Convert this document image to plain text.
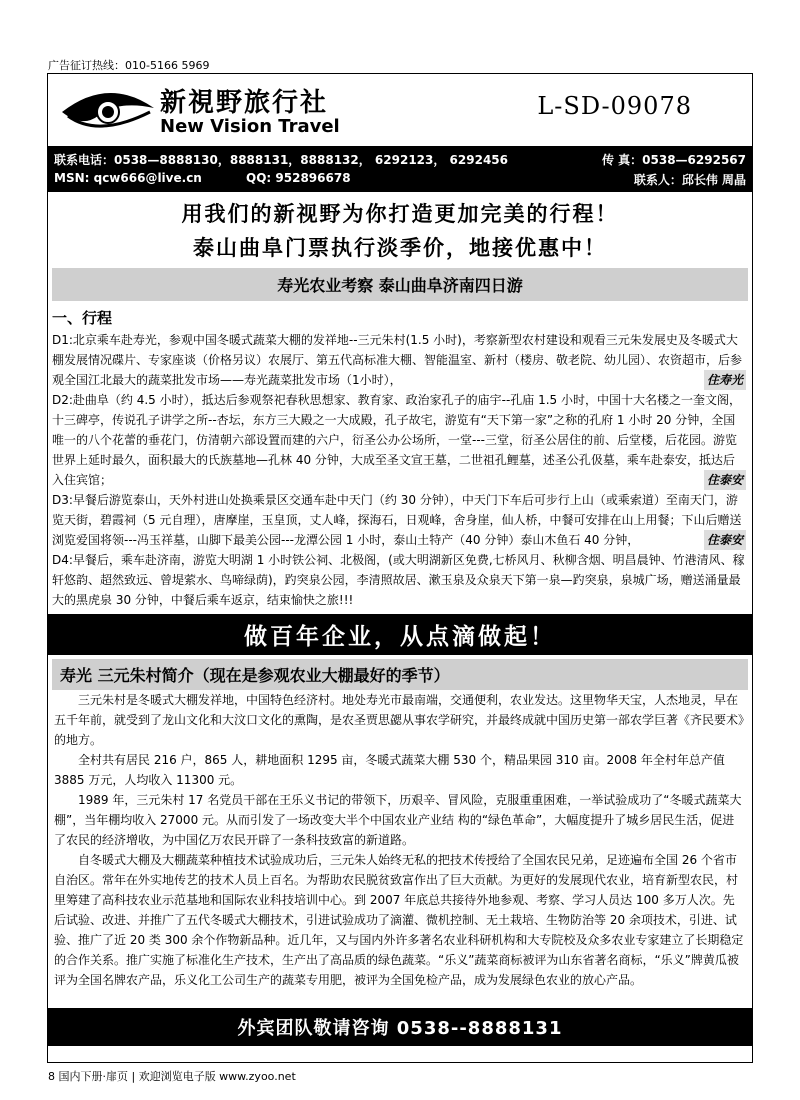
广告征订热线：010-5166 5969
新視野旅行社
New Vision Travel
L-SD-09078
联系电话：0538—8888130，8888131，8888132， 6292123， 6292456	传 真：0538—6292567
MSN: qcw666@live.cn	QQ: 952896678	联系人：邱长伟 周晶
用我们的新视野为你打造更加完美的行程！
泰山曲阜门票执行淡季价，地接优惠中！
寿光农业考察 泰山曲阜济南四日游
一、行程
D1:北京乘车赴寿光，参观中国冬暖式蔬菜大棚的发祥地--三元朱村(1.5 小时)，考察新型农村建设和观看三元朱发展史及冬暖式大棚发展情况碟片、专家座谈（价格另议）农展厅、第五代高标准大棚、智能温室、新村（楼房、敬老院、幼儿园）、农资超市，后参观全国江北最大的蔬菜批发市场——寿光蔬菜批发市场（1小时），	住寿光
D2:赴曲阜（约 4.5 小时），抵达后参观祭祀春秋思想家、教育家、政治家孔子的庙宇--孔庙 1.5 小时，中国十大名楼之一奎文阁，十三碑亭，传说孔子讲学之所--杏坛，东方三大殿之一大成殿，孔子故宅，游览有“天下第一家”之称的孔府 1 小时 20 分钟，全国唯一的八个花蕾的垂花门，仿清朝六部设置而建的六户，衍圣公办公场所，一堂---三堂，衍圣公居住的前、后堂楼，后花园。游览世界上延时最久，面积最大的氏族墓地—孔林 40 分钟，大成至圣文宣王墓，二世祖孔鲤墓，述圣公孔伋墓，乘车赴泰安，抵达后入住宾馆；	住泰安
D3:早餐后游览泰山，天外村进山处换乘景区交通车赴中天门（约 30 分钟），中天门下车后可步行上山（或乘索道）至南天门，游览天街，碧霞祠（5 元自理），唐摩崖，玉皇顶，丈人峰，探海石，日观峰，舍身崖，仙人桥，中餐可安排在山上用餐；下山后赠送浏览爱国将领---冯玉祥墓，山脚下最美公园---龙潭公园 1 小时，泰山土特产（40 分钟）泰山木鱼石 40 分钟，	住泰安
D4:早餐后，乘车赴济南，游览大明湖 1 小时铁公祠、北极阁，(或大明湖新区免费,七桥风月、秋柳含烟、明昌晨钟、竹港清风、稼轩悠韵、超然致远、曾堤萦水、鸟啼绿荫)，趵突泉公园，李清照故居、漱玉泉及众泉天下第一泉—趵突泉，泉城广场，赠送涌量最大的黑虎泉 30 分钟，中餐后乘车返京，结束愉快之旅!!!
做百年企业，从点滴做起！
寿光 三元朱村简介（现在是参观农业大棚最好的季节）

三元朱村是冬暖式大棚发祥地，中国特色经济村。地处寿光市最南端，交通便利，农业发达。这里物华天宝，人杰地灵，早在五千年前，就受到了龙山文化和大汶口文化的熏陶，是农圣贾思勰从事农学研究，并最终成就中国历史第一部农学巨著《齐民要术》的地方。

全村共有居民 216 户，865 人，耕地面积 1295 亩，冬暖式蔬菜大棚 530 个，精品果园 310 亩。2008 年全村年总产值 3885 万元，人均收入 11300 元。

1989 年，三元朱村 17 名党员干部在王乐义书记的带领下，历艰辛、冒风险，克服重重困难，一举试验成功了“冬暖式蔬菜大棚”，当年棚均收入 27000 元。从而引发了一场改变大半个中国农业产业结 构的“绿色革命”，大幅度提升了城乡居民生活，促进了农民的经济增收，为中国亿万农民开辟了一条科技致富的新道路。

自冬暖式大棚及大棚蔬菜种植技术试验成功后，三元朱人始终无私的把技术传授给了全国农民兄弟，足迹遍布全国 26 个省市自治区。常年在外实地传艺的技术人员上百名。为帮助农民脱贫致富作出了巨大贡献。为更好的发展现代农业，培育新型农民，村里筹建了高科技农业示范基地和国际农业科技培训中心。到 2007 年底总共接待外地参观、考察、学习人员达 100 多万人次。先后试验、改进、并推广了五代冬暖式大棚技术，引进试验成功了滴灌、微机控制、无土栽培、生物防治等 20 余项技术，引进、试验、推广了近 20 类 300 余个作物新品种。近几年，又与国内外许多著名农业科研机构和大专院校及众多农业专家建立了长期稳定的合作关系。推广实施了标准化生产技术，生产出了高品质的绿色蔬菜。“乐义”蔬菜商标被评为山东省著名商标，“乐义”牌黄瓜被评为全国名牌农产品，乐义化工公司生产的蔬菜专用肥，被评为全国免检产品，成为发展绿色农业的放心产品。

外宾团队敬请咨询 0538--8888131
8 国内下册·扉页 | 欢迎浏览电子版 www.zyoo.net
